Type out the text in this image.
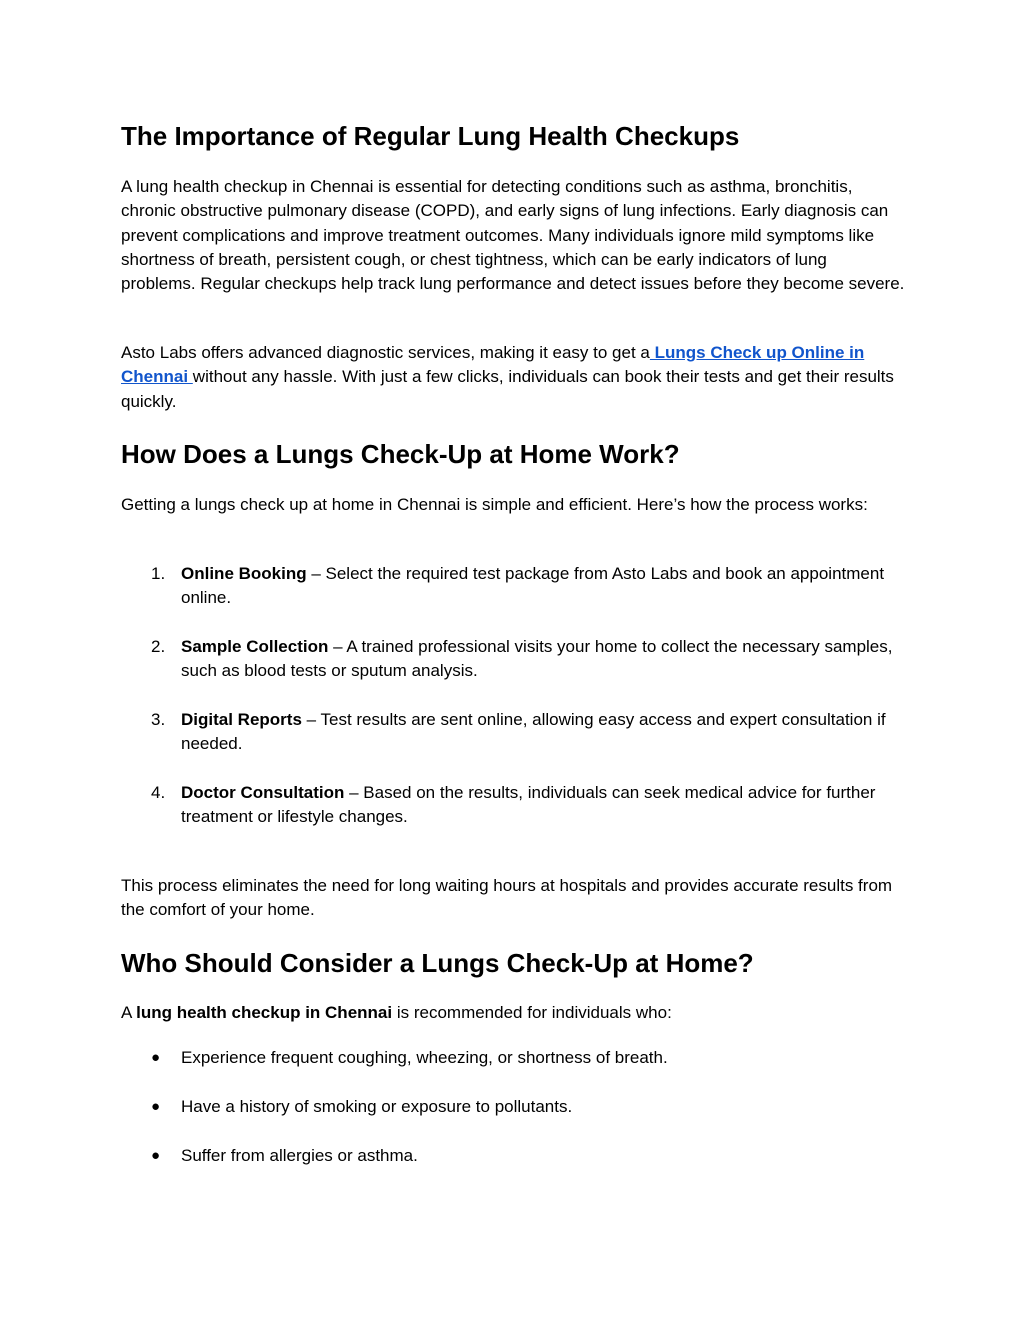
The Importance of Regular Lung Health Checkups

A lung health checkup in Chennai is essential for detecting conditions such as asthma, bronchitis, chronic obstructive pulmonary disease (COPD), and early signs of lung infections. Early diagnosis can prevent complications and improve treatment outcomes. Many individuals ignore mild symptoms like shortness of breath, persistent cough, or chest tightness, which can be early indicators of lung problems. Regular checkups help track lung performance and detect issues before they become severe.

Asto Labs offers advanced diagnostic services, making it easy to get a Lungs Check up Online in Chennai without any hassle. With just a few clicks, individuals can book their tests and get their results quickly.

How Does a Lungs Check-Up at Home Work?

Getting a lungs check up at home in Chennai is simple and efficient. Here’s how the process works:

1. Online Booking – Select the required test package from Asto Labs and book an appointment online.
2. Sample Collection – A trained professional visits your home to collect the necessary samples, such as blood tests or sputum analysis.
3. Digital Reports – Test results are sent online, allowing easy access and expert consultation if needed.
4. Doctor Consultation – Based on the results, individuals can seek medical advice for further treatment or lifestyle changes.

This process eliminates the need for long waiting hours at hospitals and provides accurate results from the comfort of your home.

Who Should Consider a Lungs Check-Up at Home?

A lung health checkup in Chennai is recommended for individuals who:

● Experience frequent coughing, wheezing, or shortness of breath.
● Have a history of smoking or exposure to pollutants.
● Suffer from allergies or asthma.
